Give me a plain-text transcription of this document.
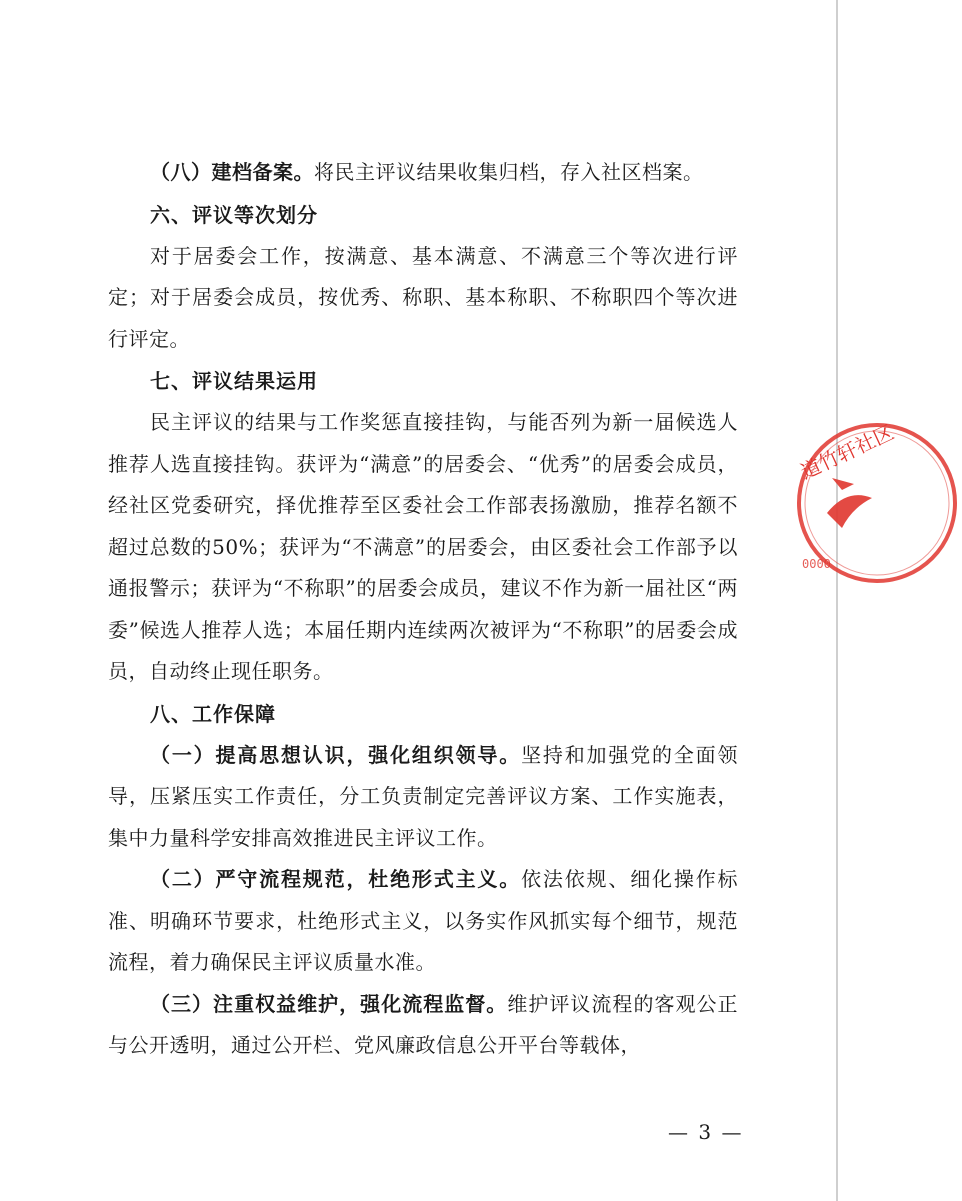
（八）建档备案。将民主评议结果收集归档，存入社区档案。

六、评议等次划分

对于居委会工作，按满意、基本满意、不满意三个等次进行评定；对于居委会成员，按优秀、称职、基本称职、不称职四个等次进行评定。

七、评议结果运用

民主评议的结果与工作奖惩直接挂钩，与能否列为新一届候选人推荐人选直接挂钩。获评为“满意”的居委会、“优秀”的居委会成员，经社区党委研究，择优推荐至区委社会工作部表扬激励，推荐名额不超过总数的50%；获评为“不满意”的居委会，由区委社会工作部予以通报警示；获评为“不称职”的居委会成员，建议不作为新一届社区“两委”候选人推荐人选；本届任期内连续两次被评为“不称职”的居委会成员，自动终止现任职务。

八、工作保障

（一）提高思想认识，强化组织领导。坚持和加强党的全面领导，压紧压实工作责任，分工负责制定完善评议方案、工作实施表，集中力量科学安排高效推进民主评议工作。

（二）严守流程规范，杜绝形式主义。依法依规、细化操作标准、明确环节要求，杜绝形式主义，以务实作风抓实每个细节，规范流程，着力确保民主评议质量水准。

（三）注重权益维护，强化流程监督。维护评议流程的客观公正与公开透明，通过公开栏、党风廉政信息公开平台等载体，

— 3 —
道竹轩社区
0000
